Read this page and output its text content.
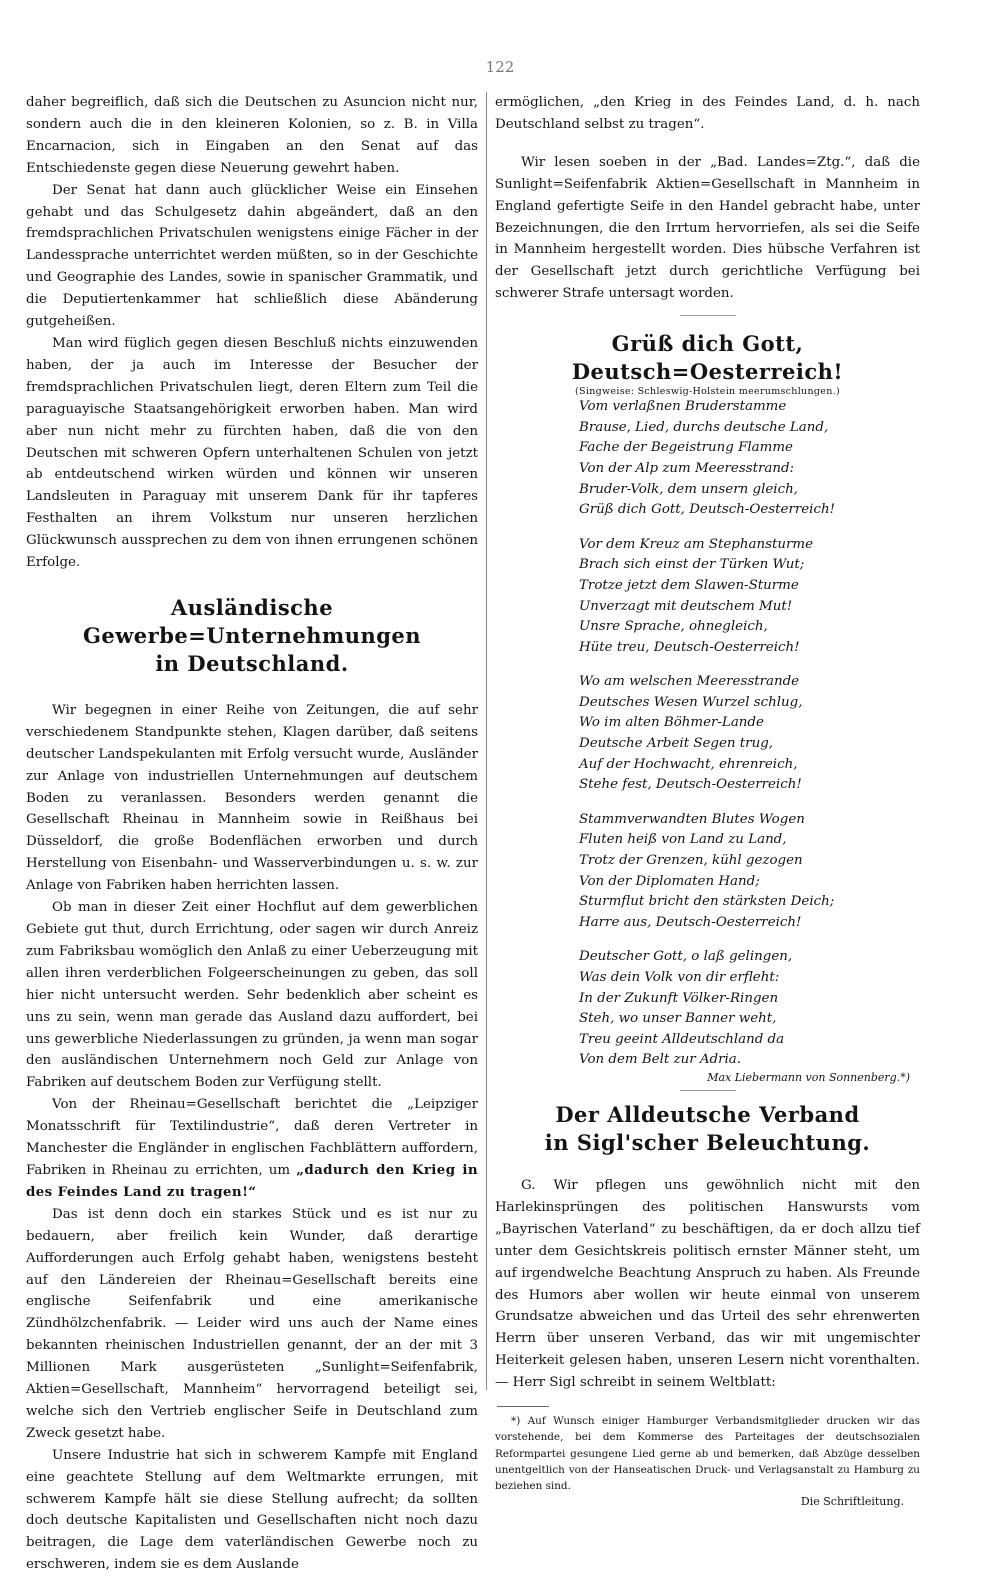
122

daher begreiflich, daß sich die Deutschen zu Asuncion nicht nur, sondern auch die in den kleineren Kolonien, so z. B. in Villa Encarnacion, sich in Eingaben an den Senat auf das Entschiedenste gegen diese Neuerung gewehrt haben.

Der Senat hat dann auch glücklicher Weise ein Einsehen gehabt und das Schulgesetz dahin abgeändert, daß an den fremdsprachlichen Privatschulen wenigstens einige Fächer in der Landessprache unterrichtet werden müßten, so in der Geschichte und Geographie des Landes, sowie in spanischer Grammatik, und die Deputiertenkammer hat schließlich diese Abänderung gutgeheißen.

Man wird füglich gegen diesen Beschluß nichts einzuwenden haben, der ja auch im Interesse der Besucher der fremdsprachlichen Privatschulen liegt, deren Eltern zum Teil die paraguayische Staatsangehörigkeit erworben haben. Man wird aber nun nicht mehr zu fürchten haben, daß die von den Deutschen mit schweren Opfern unterhaltenen Schulen von jetzt ab entdeutschend wirken würden und können wir unseren Landsleuten in Paraguay mit unserem Dank für ihr tapferes Festhalten an ihrem Volkstum nur unseren herzlichen Glückwunsch aussprechen zu dem von ihnen errungenen schönen Erfolge.

Ausländische Gewerbe=Unternehmungen
in Deutschland.

Wir begegnen in einer Reihe von Zeitungen, die auf sehr verschiedenem Standpunkte stehen, Klagen darüber, daß seitens deutscher Landspekulanten mit Erfolg versucht wurde, Ausländer zur Anlage von industriellen Unternehmungen auf deutschem Boden zu veranlassen. Besonders werden genannt die Gesellschaft Rheinau in Mannheim sowie in Reißhaus bei Düsseldorf, die große Bodenflächen erworben und durch Herstellung von Eisenbahn- und Wasserverbindungen u. s. w. zur Anlage von Fabriken haben herrichten lassen.

Ob man in dieser Zeit einer Hochflut auf dem gewerblichen Gebiete gut thut, durch Errichtung, oder sagen wir durch Anreiz zum Fabriksbau womöglich den Anlaß zu einer Ueberzeugung mit allen ihren verderblichen Folgeerscheinungen zu geben, das soll hier nicht untersucht werden. Sehr bedenklich aber scheint es uns zu sein, wenn man gerade das Ausland dazu auffordert, bei uns gewerbliche Niederlassungen zu gründen, ja wenn man sogar den ausländischen Unternehmern noch Geld zur Anlage von Fabriken auf deutschem Boden zur Verfügung stellt.

Von der Rheinau=Gesellschaft berichtet die „Leipziger Monatsschrift für Textilindustrie“, daß deren Vertreter in Manchester die Engländer in englischen Fachblättern auffordern, Fabriken in Rheinau zu errichten, um „dadurch den Krieg in des Feindes Land zu tragen!“

Das ist denn doch ein starkes Stück und es ist nur zu bedauern, aber freilich kein Wunder, daß derartige Aufforderungen auch Erfolg gehabt haben, wenigstens besteht auf den Ländereien der Rheinau=Gesellschaft bereits eine englische Seifenfabrik und eine amerikanische Zündhölzchenfabrik. — Leider wird uns auch der Name eines bekannten rheinischen Industriellen genannt, der an der mit 3 Millionen Mark ausgerüsteten „Sunlight=Seifenfabrik, Aktien=Gesellschaft, Mannheim“ hervorragend beteiligt sei, welche sich den Vertrieb englischer Seife in Deutschland zum Zweck gesetzt habe.

Unsere Industrie hat sich in schwerem Kampfe mit England eine geachtete Stellung auf dem Weltmarkte errungen, mit schwerem Kampfe hält sie diese Stellung aufrecht; da sollten doch deutsche Kapitalisten und Gesellschaften nicht noch dazu beitragen, die Lage dem vaterländischen Gewerbe noch zu erschweren, indem sie es dem Auslande

ermöglichen, „den Krieg in des Feindes Land, d. h. nach Deutschland selbst zu tragen“.

Wir lesen soeben in der „Bad. Landes=Ztg.“, daß die Sunlight=Seifenfabrik Aktien=Gesellschaft in Mannheim in England gefertigte Seife in den Handel gebracht habe, unter Bezeichnungen, die den Irrtum hervorriefen, als sei die Seife in Mannheim hergestellt worden. Dies hübsche Verfahren ist der Gesellschaft jetzt durch gerichtliche Verfügung bei schwerer Strafe untersagt worden.

Grüß dich Gott, Deutsch=Oesterreich!

(Singweise: Schleswig-Holstein meerumschlungen.)

Vom verlaßnen Bruderstamme

Brause, Lied, durchs deutsche Land,

Fache der Begeistrung Flamme

Von der Alp zum Meeresstrand:

Bruder-Volk, dem unsern gleich,

Grüß dich Gott, Deutsch-Oesterreich!

Vor dem Kreuz am Stephansturme

Brach sich einst der Türken Wut;

Trotze jetzt dem Slawen-Sturme

Unverzagt mit deutschem Mut!

Unsre Sprache, ohnegleich,

Hüte treu, Deutsch-Oesterreich!

Wo am welschen Meeresstrande

Deutsches Wesen Wurzel schlug,

Wo im alten Böhmer-Lande

Deutsche Arbeit Segen trug,

Auf der Hochwacht, ehrenreich,

Stehe fest, Deutsch-Oesterreich!

Stammverwandten Blutes Wogen

Fluten heiß von Land zu Land,

Trotz der Grenzen, kühl gezogen

Von der Diplomaten Hand;

Sturmflut bricht den stärksten Deich;

Harre aus, Deutsch-Oesterreich!

Deutscher Gott, o laß gelingen,

Was dein Volk von dir erfleht:

In der Zukunft Völker-Ringen

Steh, wo unser Banner weht,

Treu geeint Alldeutschland da

Von dem Belt zur Adria.

Max Liebermann von Sonnenberg.*)

Der Alldeutsche Verband
in Sigl'scher Beleuchtung.

G. Wir pflegen uns gewöhnlich nicht mit den Harlekinsprüngen des politischen Hanswursts vom „Bayrischen Vaterland“ zu beschäftigen, da er doch allzu tief unter dem Gesichtskreis politisch ernster Männer steht, um auf irgendwelche Beachtung Anspruch zu haben. Als Freunde des Humors aber wollen wir heute einmal von unserem Grundsatze abweichen und das Urteil des sehr ehrenwerten Herrn über unseren Verband, das wir mit ungemischter Heiterkeit gelesen haben, unseren Lesern nicht vorenthalten. — Herr Sigl schreibt in seinem Weltblatt:

*) Auf Wunsch einiger Hamburger Verbandsmitglieder drucken wir das vorstehende, bei dem Kommerse des Parteitages der deutschsozialen Reformpartei gesungene Lied gerne ab und bemerken, daß Abzüge desselben unentgeltlich von der Hanseatischen Druck- und Verlagsanstalt zu Hamburg zu beziehen sind.

Die Schriftleitung.
